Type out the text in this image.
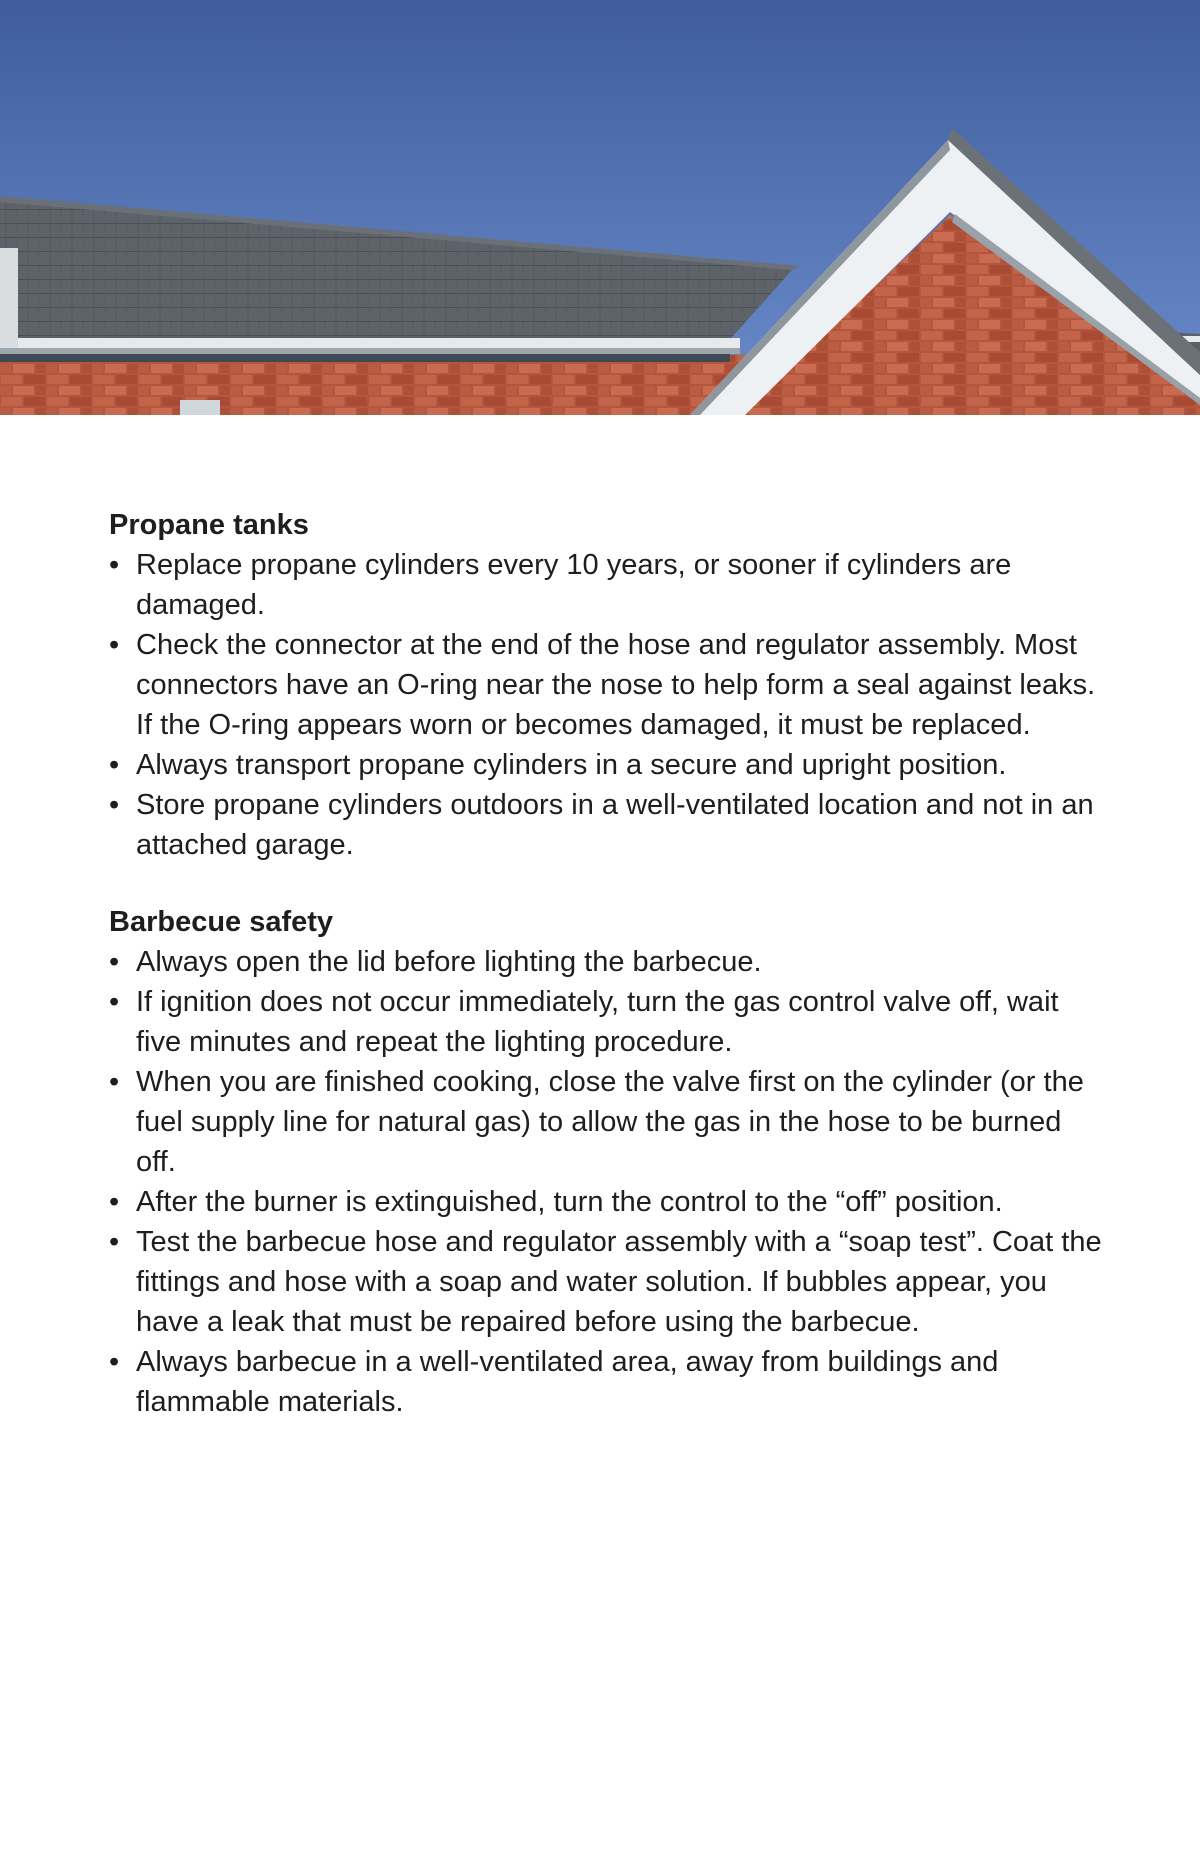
Propane tanks
• Replace propane cylinders every 10 years, or sooner if cylinders are damaged.
• Check the connector at the end of the hose and regulator assembly. Most connectors have an O-ring near the nose to help form a seal against leaks. If the O-ring appears worn or becomes damaged, it must be replaced.
• Always transport propane cylinders in a secure and upright position.
• Store propane cylinders outdoors in a well-ventilated location and not in an attached garage.
Barbecue safety
• Always open the lid before lighting the barbecue.
• If ignition does not occur immediately, turn the gas control valve off, wait five minutes and repeat the lighting procedure.
• When you are finished cooking, close the valve first on the cylinder (or the fuel supply line for natural gas) to allow the gas in the hose to be burned off.
• After the burner is extinguished, turn the control to the “off” position.
• Test the barbecue hose and regulator assembly with a “soap test”. Coat the fittings and hose with a soap and water solution. If bubbles appear, you have a leak that must be repaired before using the barbecue.
• Always barbecue in a well-ventilated area, away from buildings and flammable materials.
